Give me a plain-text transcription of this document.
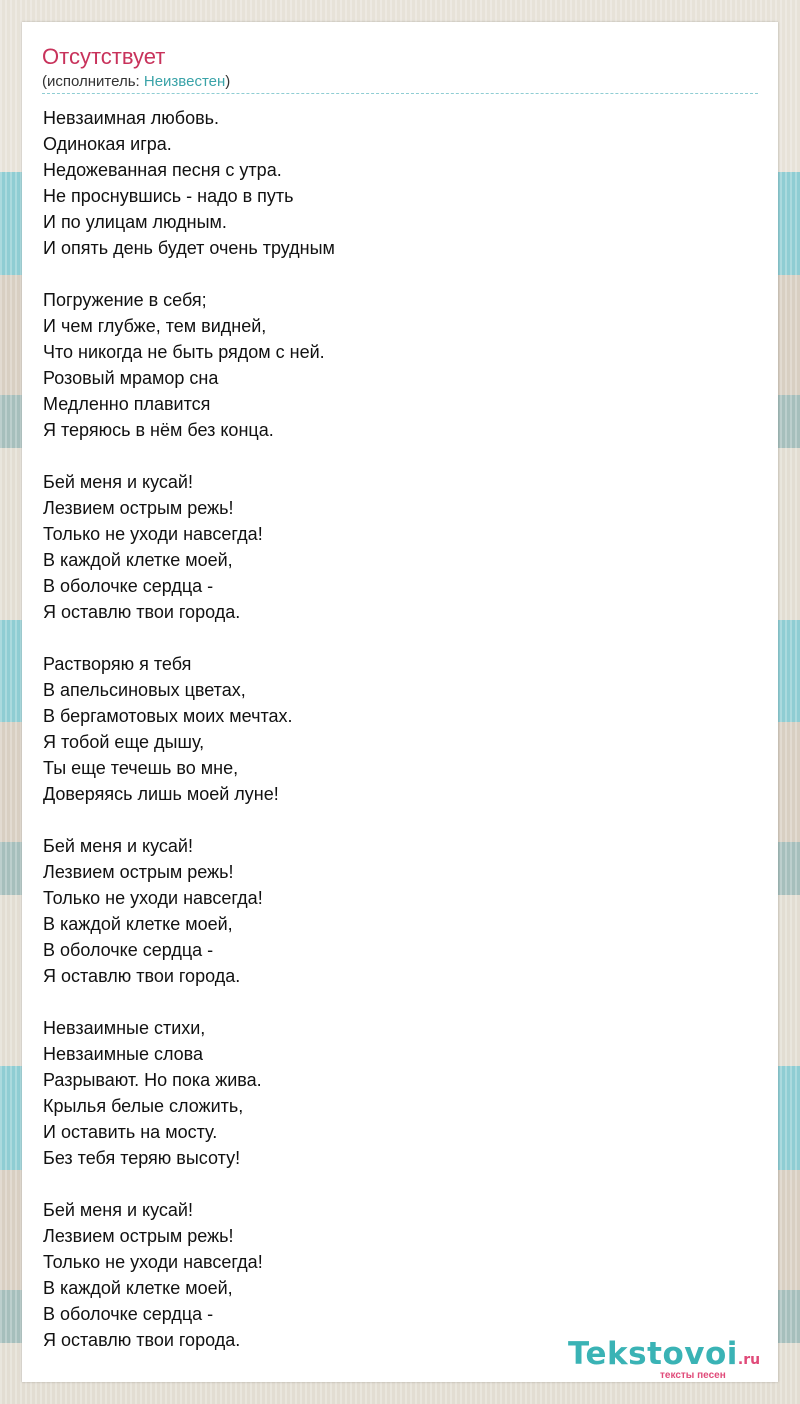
Отсутствует
(исполнитель: Неизвестен)
Невзаимная любовь.
Одинокая игра.
Недожеванная песня с утра.
Не проснувшись - надо в путь
И по улицам людным.
И опять день будет очень трудным
Погружение в себя;
И чем глубже, тем видней,
Что никогда не быть рядом с ней.
Розовый мрамор сна
Медленно плавится
Я теряюсь в нём без конца.
Бей меня и кусай!
Лезвием острым режь!
Только не уходи навсегда!
В каждой клетке моей,
В оболочке сердца -
Я оставлю твои города.
Растворяю я тебя
В апельсиновых цветах,
В бергамотовых моих мечтах.
Я тобой еще дышу,
Ты еще течешь во мне,
Доверяясь лишь моей луне!
Бей меня и кусай!
Лезвием острым режь!
Только не уходи навсегда!
В каждой клетке моей,
В оболочке сердца -
Я оставлю твои города.
Невзаимные стихи,
Невзаимные слова
Разрывают. Но пока жива.
Крылья белые сложить,
И оставить на мосту.
Без тебя теряю высоту!
Бей меня и кусай!
Лезвием острым режь!
Только не уходи навсегда!
В каждой клетке моей,
В оболочке сердца -
Я оставлю твои города.	Tekstovoi.ru
тексты песен
